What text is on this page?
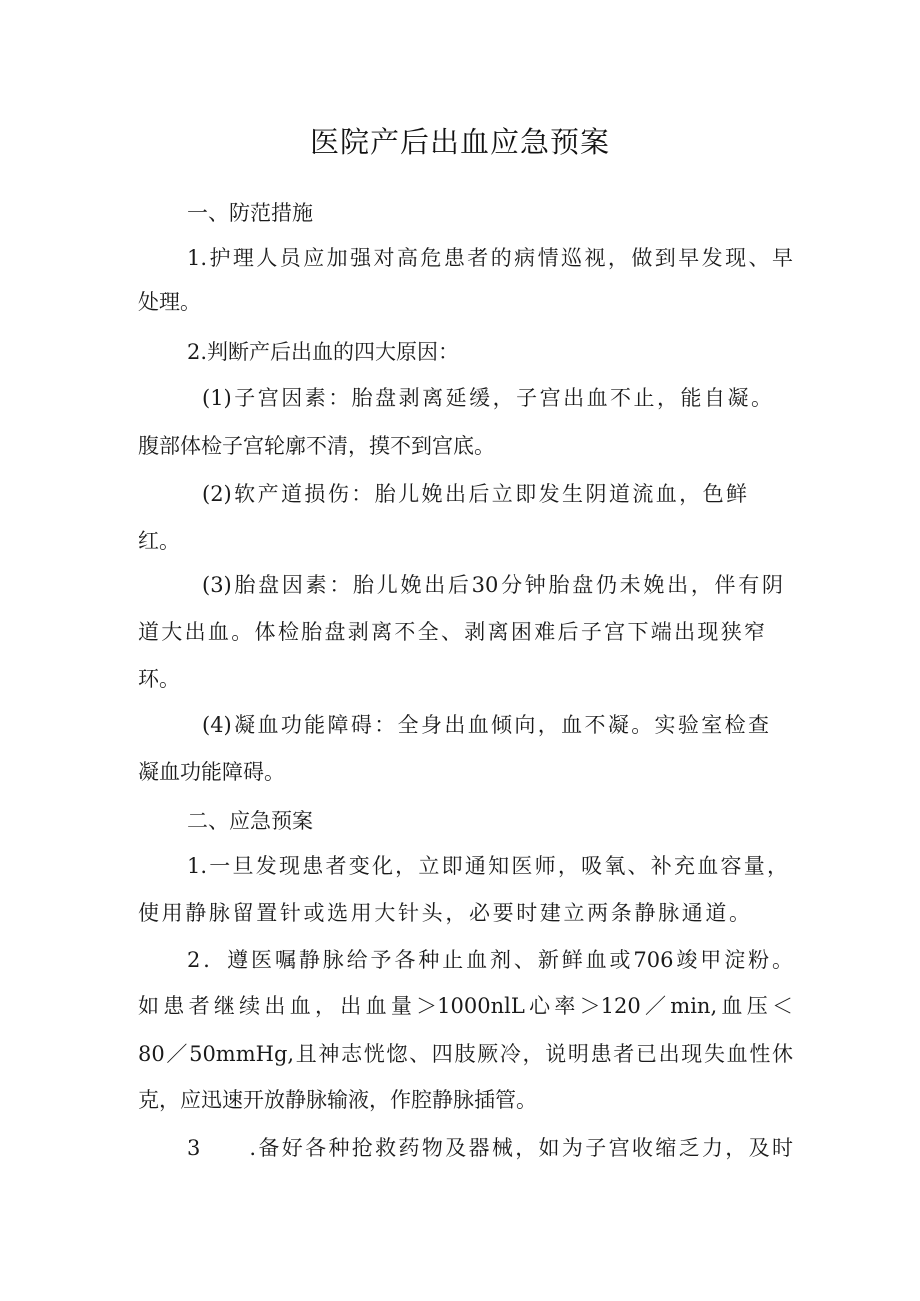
医院产后出血应急预案
一、防范措施
1.护理人员应加强对高危患者的病情巡视，做到早发现、早
处理。
2.判断产后出血的四大原因：
(1)子宫因素：胎盘剥离延缓，子宫出血不止，能自凝。
腹部体检子宫轮廓不清，摸不到宫底。
(2)软产道损伤：胎儿娩出后立即发生阴道流血，色鲜
红。
(3)胎盘因素：胎儿娩出后30分钟胎盘仍未娩出，伴有阴
道大出血。体检胎盘剥离不全、剥离困难后子宫下端出现狭窄
环。
(4)凝血功能障碍：全身出血倾向，血不凝。实验室检查
凝血功能障碍。
二、应急预案
1.一旦发现患者变化，立即通知医师，吸氧、补充血容量，
使用静脉留置针或选用大针头，必要时建立两条静脉通道。
2．遵医嘱静脉给予各种止血剂、新鲜血或706竣甲淀粉。
如患者继续出血，出血量＞1000nlL心率＞120／min,血压＜
80／50mmHg,且神志恍惚、四肢厥冷，说明患者已出现失血性休
克，应迅速开放静脉输液，作腔静脉插管。
3　　.备好各种抢救药物及器械，如为子宫收缩乏力，及时
